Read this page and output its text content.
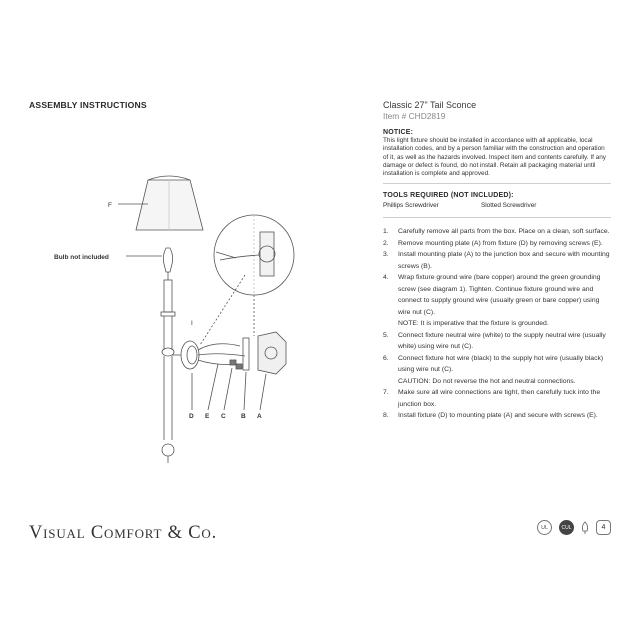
ASSEMBLY INSTRUCTIONS
F
Bulb not included
I
D E C B A
Classic 27" Tail Sconce
Item # CHD2819
NOTICE:
This light fixture should be installed in accordance with all applicable, local installation codes, and by a person familiar with the construction and operation of it, as well as the hazards involved. Inspect item and contents carefully. If any damage or defect is found, do not install. Retain all packaging material until installation is complete and approved.
TOOLS REQUIRED (NOT INCLUDED):
Phillips Screwdriver	Slotted Screwdriver
1.	Carefully remove all parts from the box. Place on a clean, soft surface.
2.	Remove mounting plate (A) from fixture (D) by removing screws (E).
3.	Install mounting plate (A) to the junction box and secure with mounting screws (B).
4.	Wrap fixture ground wire (bare copper) around the green grounding screw (see diagram 1). Tighten. Continue fixture ground wire and connect to supply ground wire (usually green or bare copper) using wire nut (C).
NOTE: It is imperative that the fixture is grounded.
5.	Connect fixture neutral wire (white) to the supply neutral wire (usually white) using wire nut (C).
6.	Connect fixture hot wire (black) to the supply hot wire (usually black) using wire nut (C).
CAUTION: Do not reverse the hot and neutral connections.
7.	Make sure all wire connections are tight, then carefully tuck into the junction box.
8.	Install fixture (D) to mounting plate (A) and secure with screws (E).
Visual Comfort & Co.	UL	CUL	4
